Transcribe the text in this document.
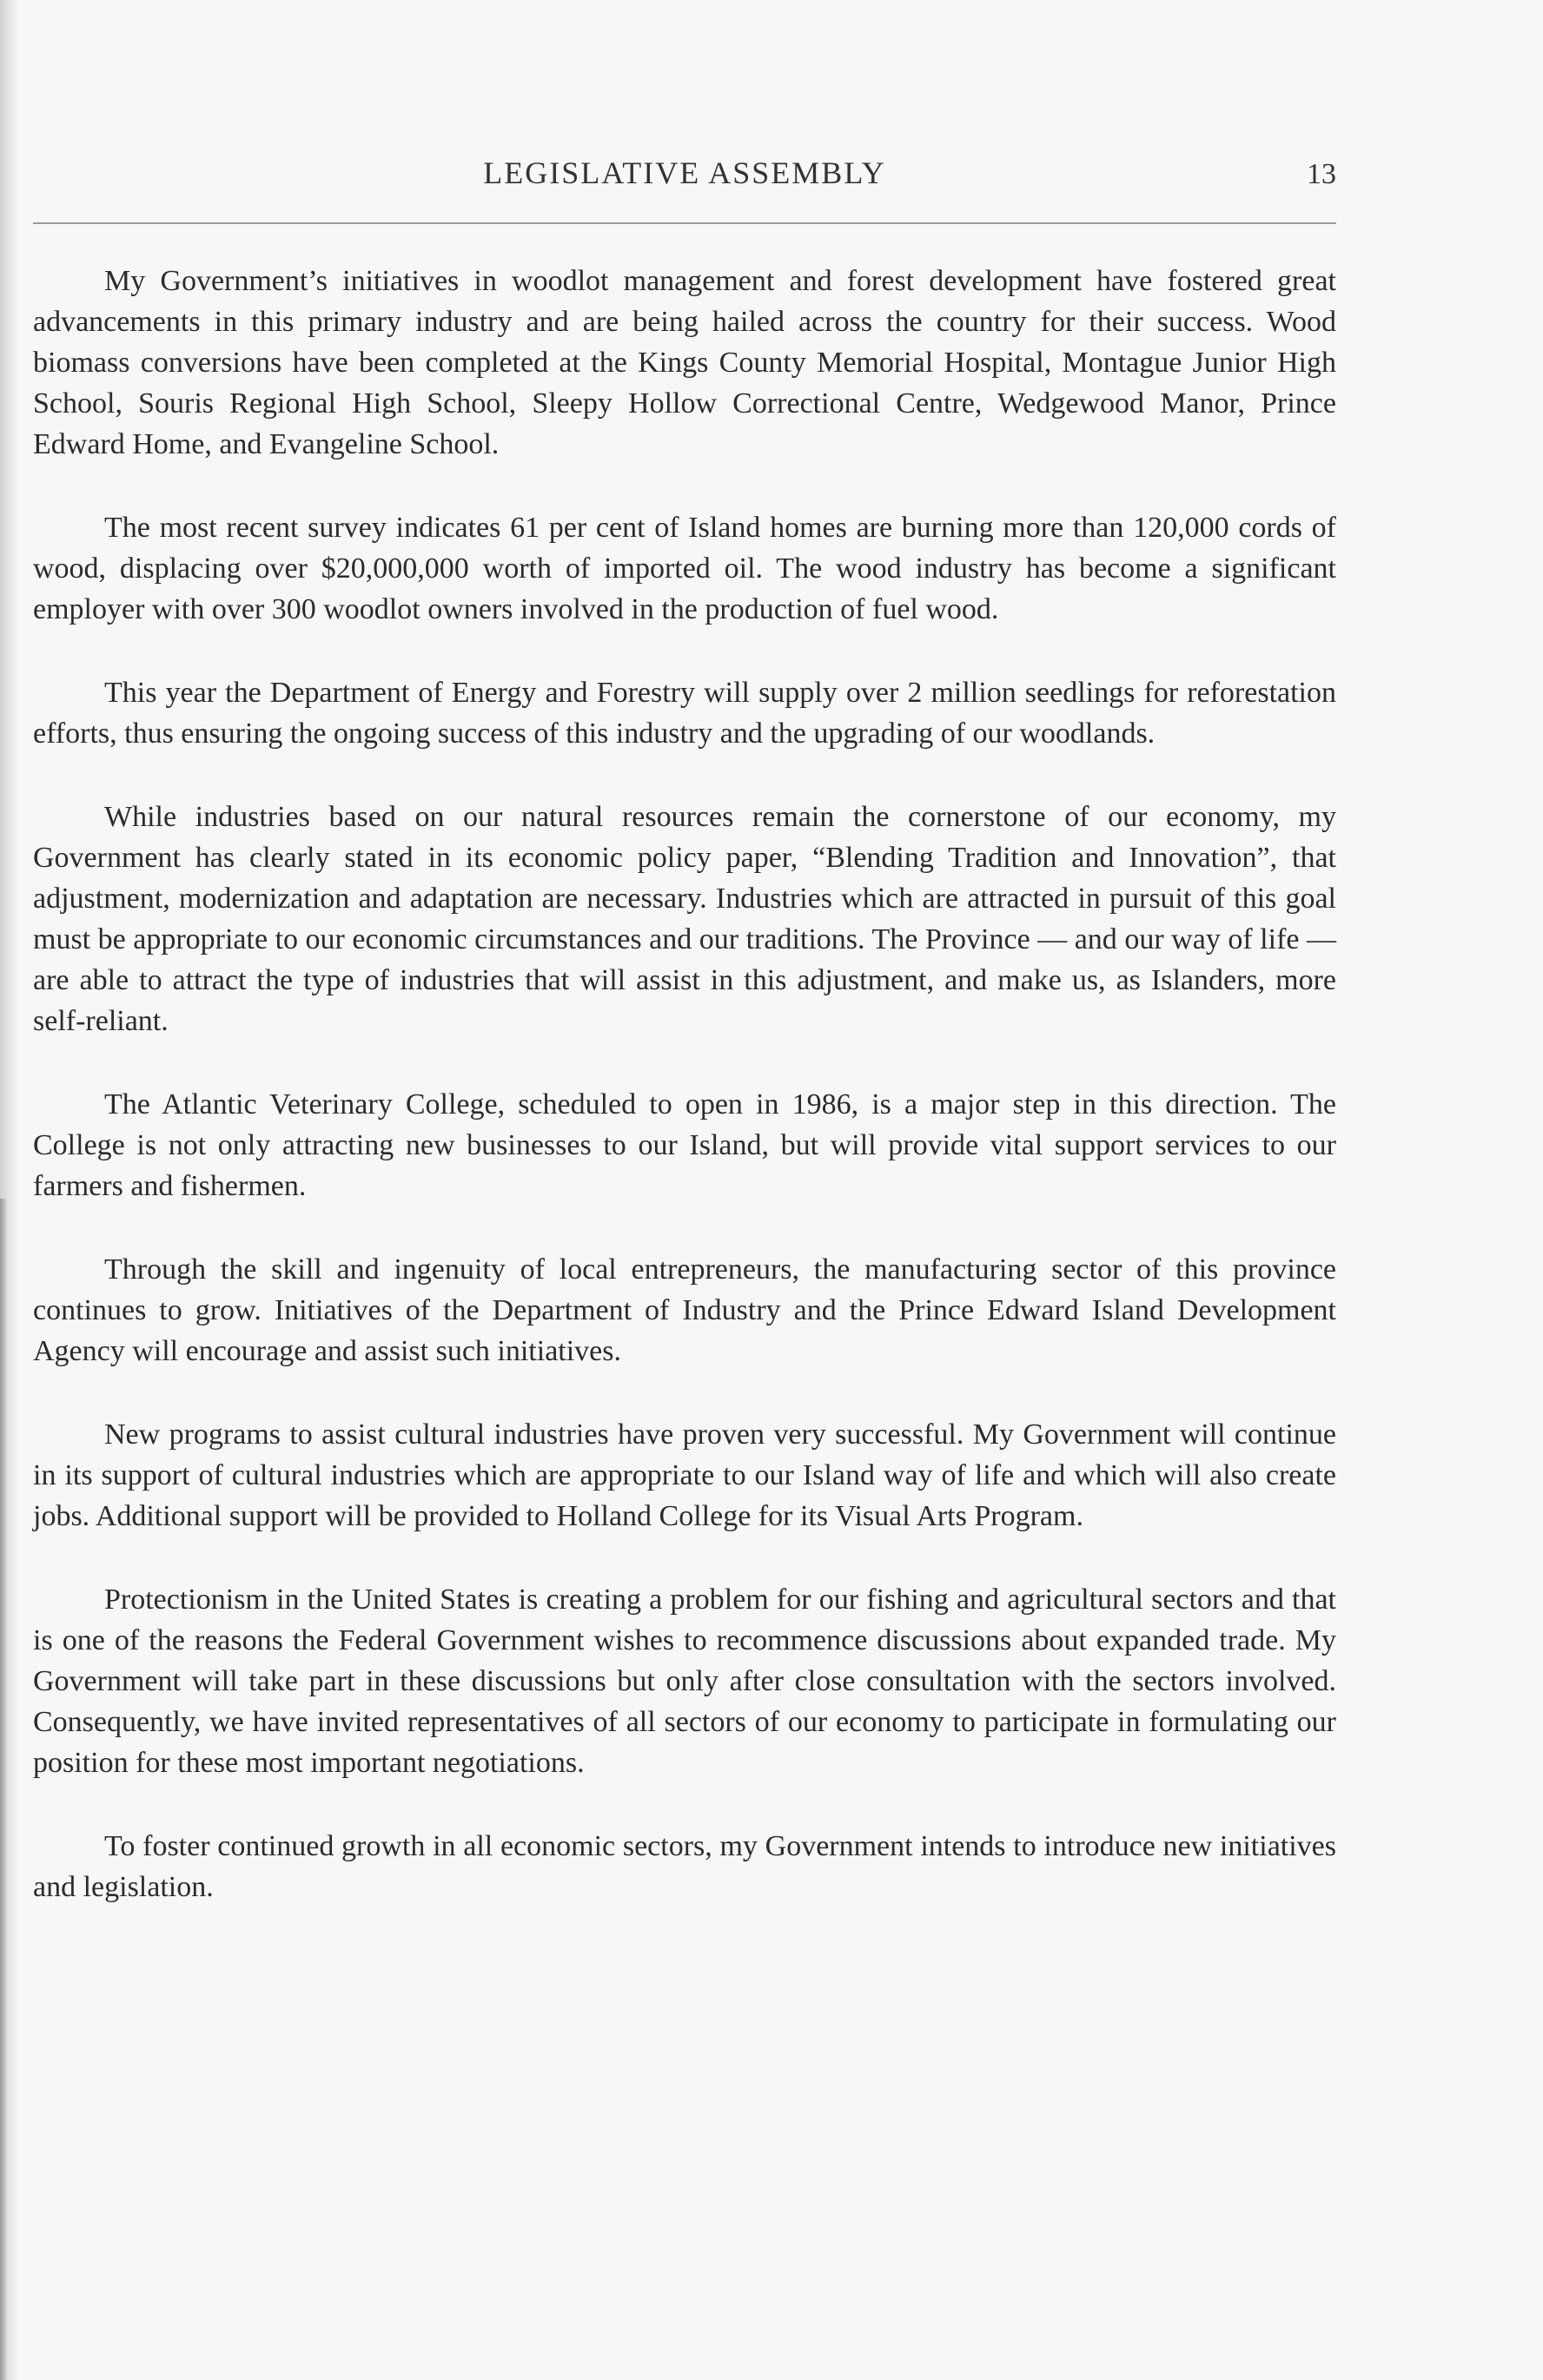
LEGISLATIVE ASSEMBLY	13

My Government’s initiatives in woodlot management and forest development have fostered great advancements in this primary industry and are being hailed across the country for their success. Wood biomass conversions have been completed at the Kings County Memorial Hospital, Montague Junior High School, Souris Regional High School, Sleepy Hollow Correctional Centre, Wedgewood Manor, Prince Edward Home, and Evangeline School.

The most recent survey indicates 61 per cent of Island homes are burning more than 120,000 cords of wood, displacing over $20,000,000 worth of imported oil. The wood industry has become a significant employer with over 300 woodlot owners involved in the production of fuel wood.

This year the Department of Energy and Forestry will supply over 2 million seedlings for reforestation efforts, thus ensuring the ongoing success of this industry and the upgrading of our woodlands.

While industries based on our natural resources remain the cornerstone of our economy, my Government has clearly stated in its economic policy paper, “Blending Tradition and Innovation”, that adjustment, modernization and adaptation are necessary. Industries which are attracted in pursuit of this goal must be appropriate to our economic circumstances and our traditions. The Province — and our way of life — are able to attract the type of industries that will assist in this adjustment, and make us, as Islanders, more self-reliant.

The Atlantic Veterinary College, scheduled to open in 1986, is a major step in this direction. The College is not only attracting new businesses to our Island, but will provide vital support services to our farmers and fishermen.

Through the skill and ingenuity of local entrepreneurs, the manufacturing sector of this province continues to grow. Initiatives of the Department of Industry and the Prince Edward Island Development Agency will encourage and assist such initiatives.

New programs to assist cultural industries have proven very successful. My Government will continue in its support of cultural industries which are appropriate to our Island way of life and which will also create jobs. Additional support will be provided to Holland College for its Visual Arts Program.

Protectionism in the United States is creating a problem for our fishing and agricultural sectors and that is one of the reasons the Federal Government wishes to recommence discussions about expanded trade. My Government will take part in these discussions but only after close consultation with the sectors involved. Consequently, we have invited representatives of all sectors of our economy to participate in formulating our position for these most important negotiations.

To foster continued growth in all economic sectors, my Government intends to introduce new initiatives and legislation.
